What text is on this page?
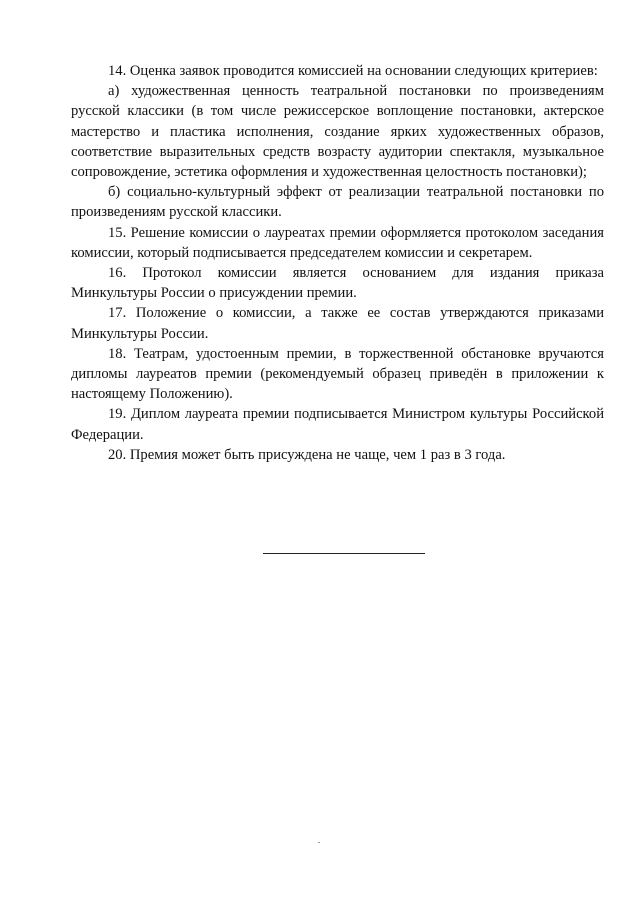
14. Оценка заявок проводится комиссией на основании следующих критериев:

а) художественная ценность театральной постановки по произведениям русской классики (в том числе режиссерское воплощение постановки, актерское мастерство и пластика исполнения, создание ярких художественных образов, соответствие выразительных средств возрасту аудитории спектакля, музыкальное сопровождение, эстетика оформления и художественная целостность постановки);

б) социально-культурный эффект от реализации театральной постановки по произведениям русской классики.

15. Решение комиссии о лауреатах премии оформляется протоколом заседания комиссии, который подписывается председателем комиссии и секретарем.

16. Протокол комиссии является основанием для издания приказа Минкультуры России о присуждении премии.

17. Положение о комиссии, а также ее состав утверждаются приказами Минкультуры России.

18. Театрам, удостоенным премии, в торжественной обстановке вручаются дипломы лауреатов премии (рекомендуемый образец приведён в приложении к настоящему Положению).

19. Диплом лауреата премии подписывается Министром культуры Российской Федерации.

20. Премия может быть присуждена не чаще, чем 1 раз в 3 года.
